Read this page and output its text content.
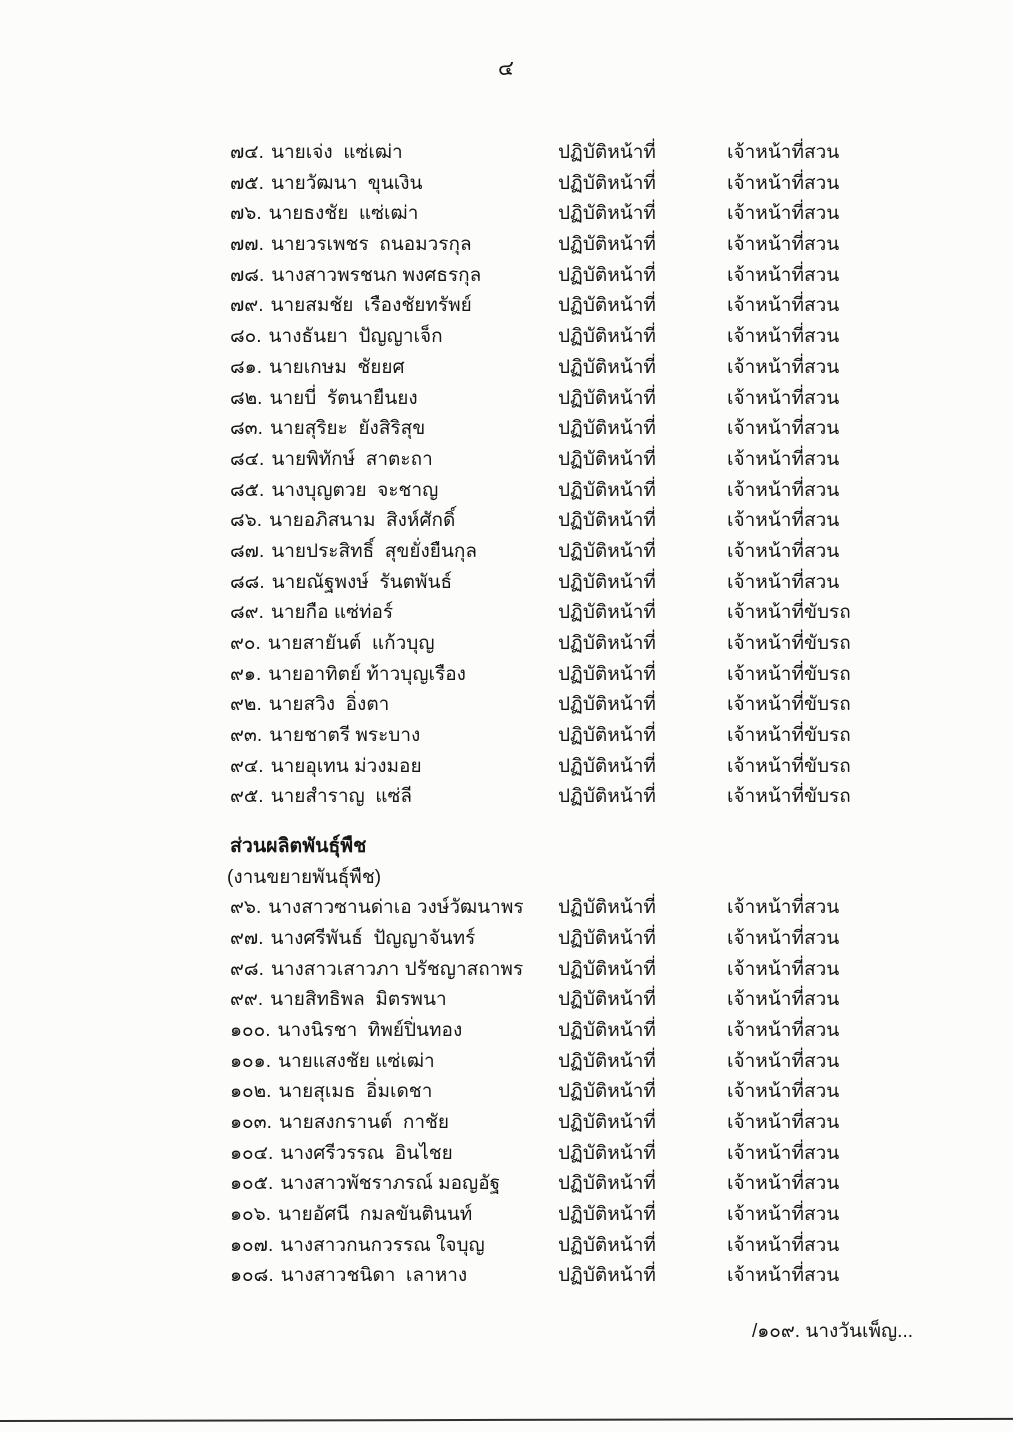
๔
๗๔. นายเจ่ง  แซ่เฒ่า	ปฏิบัติหน้าที่	เจ้าหน้าที่สวน
๗๕. นายวัฒนา  ขุนเงิน	ปฏิบัติหน้าที่	เจ้าหน้าที่สวน
๗๖. นายธงชัย  แซ่เฒ่า	ปฏิบัติหน้าที่	เจ้าหน้าที่สวน
๗๗. นายวรเพชร  ถนอมวรกุล	ปฏิบัติหน้าที่	เจ้าหน้าที่สวน
๗๘. นางสาวพรชนก พงศธรกุล	ปฏิบัติหน้าที่	เจ้าหน้าที่สวน
๗๙. นายสมชัย  เรืองชัยทรัพย์	ปฏิบัติหน้าที่	เจ้าหน้าที่สวน
๘๐. นางธันยา  ปัญญาเจ็ก	ปฏิบัติหน้าที่	เจ้าหน้าที่สวน
๘๑. นายเกษม  ชัยยศ	ปฏิบัติหน้าที่	เจ้าหน้าที่สวน
๘๒. นายบี่  รัตนายืนยง	ปฏิบัติหน้าที่	เจ้าหน้าที่สวน
๘๓. นายสุริยะ  ยังสิริสุข	ปฏิบัติหน้าที่	เจ้าหน้าที่สวน
๘๔. นายพิทักษ์  สาตะถา	ปฏิบัติหน้าที่	เจ้าหน้าที่สวน
๘๕. นางบุญตวย  จะชาญ	ปฏิบัติหน้าที่	เจ้าหน้าที่สวน
๘๖. นายอภิสนาม  สิงห์ศักดิ์	ปฏิบัติหน้าที่	เจ้าหน้าที่สวน
๘๗. นายประสิทธิ์  สุขยั่งยืนกุล	ปฏิบัติหน้าที่	เจ้าหน้าที่สวน
๘๘. นายณัฐพงษ์  รันตพันธ์	ปฏิบัติหน้าที่	เจ้าหน้าที่สวน
๘๙. นายกือ แซ่ท่อร์	ปฏิบัติหน้าที่	เจ้าหน้าที่ขับรถ
๙๐. นายสายันต์  แก้วบุญ	ปฏิบัติหน้าที่	เจ้าหน้าที่ขับรถ
๙๑. นายอาทิตย์ ท้าวบุญเรือง	ปฏิบัติหน้าที่	เจ้าหน้าที่ขับรถ
๙๒. นายสวิง  อิ่งตา	ปฏิบัติหน้าที่	เจ้าหน้าที่ขับรถ
๙๓. นายชาตรี พระบาง	ปฏิบัติหน้าที่	เจ้าหน้าที่ขับรถ
๙๔. นายอุเทน ม่วงมอย	ปฏิบัติหน้าที่	เจ้าหน้าที่ขับรถ
๙๕. นายสำราญ  แซ่ลี	ปฏิบัติหน้าที่	เจ้าหน้าที่ขับรถ
ส่วนผลิตพันธุ์พืช
(งานขยายพันธุ์พืช)
๙๖. นางสาวซานด่าเอ วงษ์วัฒนาพร	ปฏิบัติหน้าที่	เจ้าหน้าที่สวน
๙๗. นางศรีพันธ์  ปัญญาจันทร์	ปฏิบัติหน้าที่	เจ้าหน้าที่สวน
๙๘. นางสาวเสาวภา ปรัชญาสถาพร	ปฏิบัติหน้าที่	เจ้าหน้าที่สวน
๙๙. นายสิทธิพล  มิตรพนา	ปฏิบัติหน้าที่	เจ้าหน้าที่สวน
๑๐๐. นางนิรชา  ทิพย์ปิ่นทอง	ปฏิบัติหน้าที่	เจ้าหน้าที่สวน
๑๐๑. นายแสงชัย แซ่เฒ่า	ปฏิบัติหน้าที่	เจ้าหน้าที่สวน
๑๐๒. นายสุเมธ  อิ่มเดชา	ปฏิบัติหน้าที่	เจ้าหน้าที่สวน
๑๐๓. นายสงกรานต์  กาชัย	ปฏิบัติหน้าที่	เจ้าหน้าที่สวน
๑๐๔. นางศรีวรรณ  อินไชย	ปฏิบัติหน้าที่	เจ้าหน้าที่สวน
๑๐๕. นางสาวพัชราภรณ์ มอญอัฐ	ปฏิบัติหน้าที่	เจ้าหน้าที่สวน
๑๐๖. นายอัศนี  กมลขันตินนท์	ปฏิบัติหน้าที่	เจ้าหน้าที่สวน
๑๐๗. นางสาวกนกวรรณ ใจบุญ	ปฏิบัติหน้าที่	เจ้าหน้าที่สวน
๑๐๘. นางสาวชนิดา  เลาหาง	ปฏิบัติหน้าที่	เจ้าหน้าที่สวน
/๑๐๙. นางวันเพ็ญ...
